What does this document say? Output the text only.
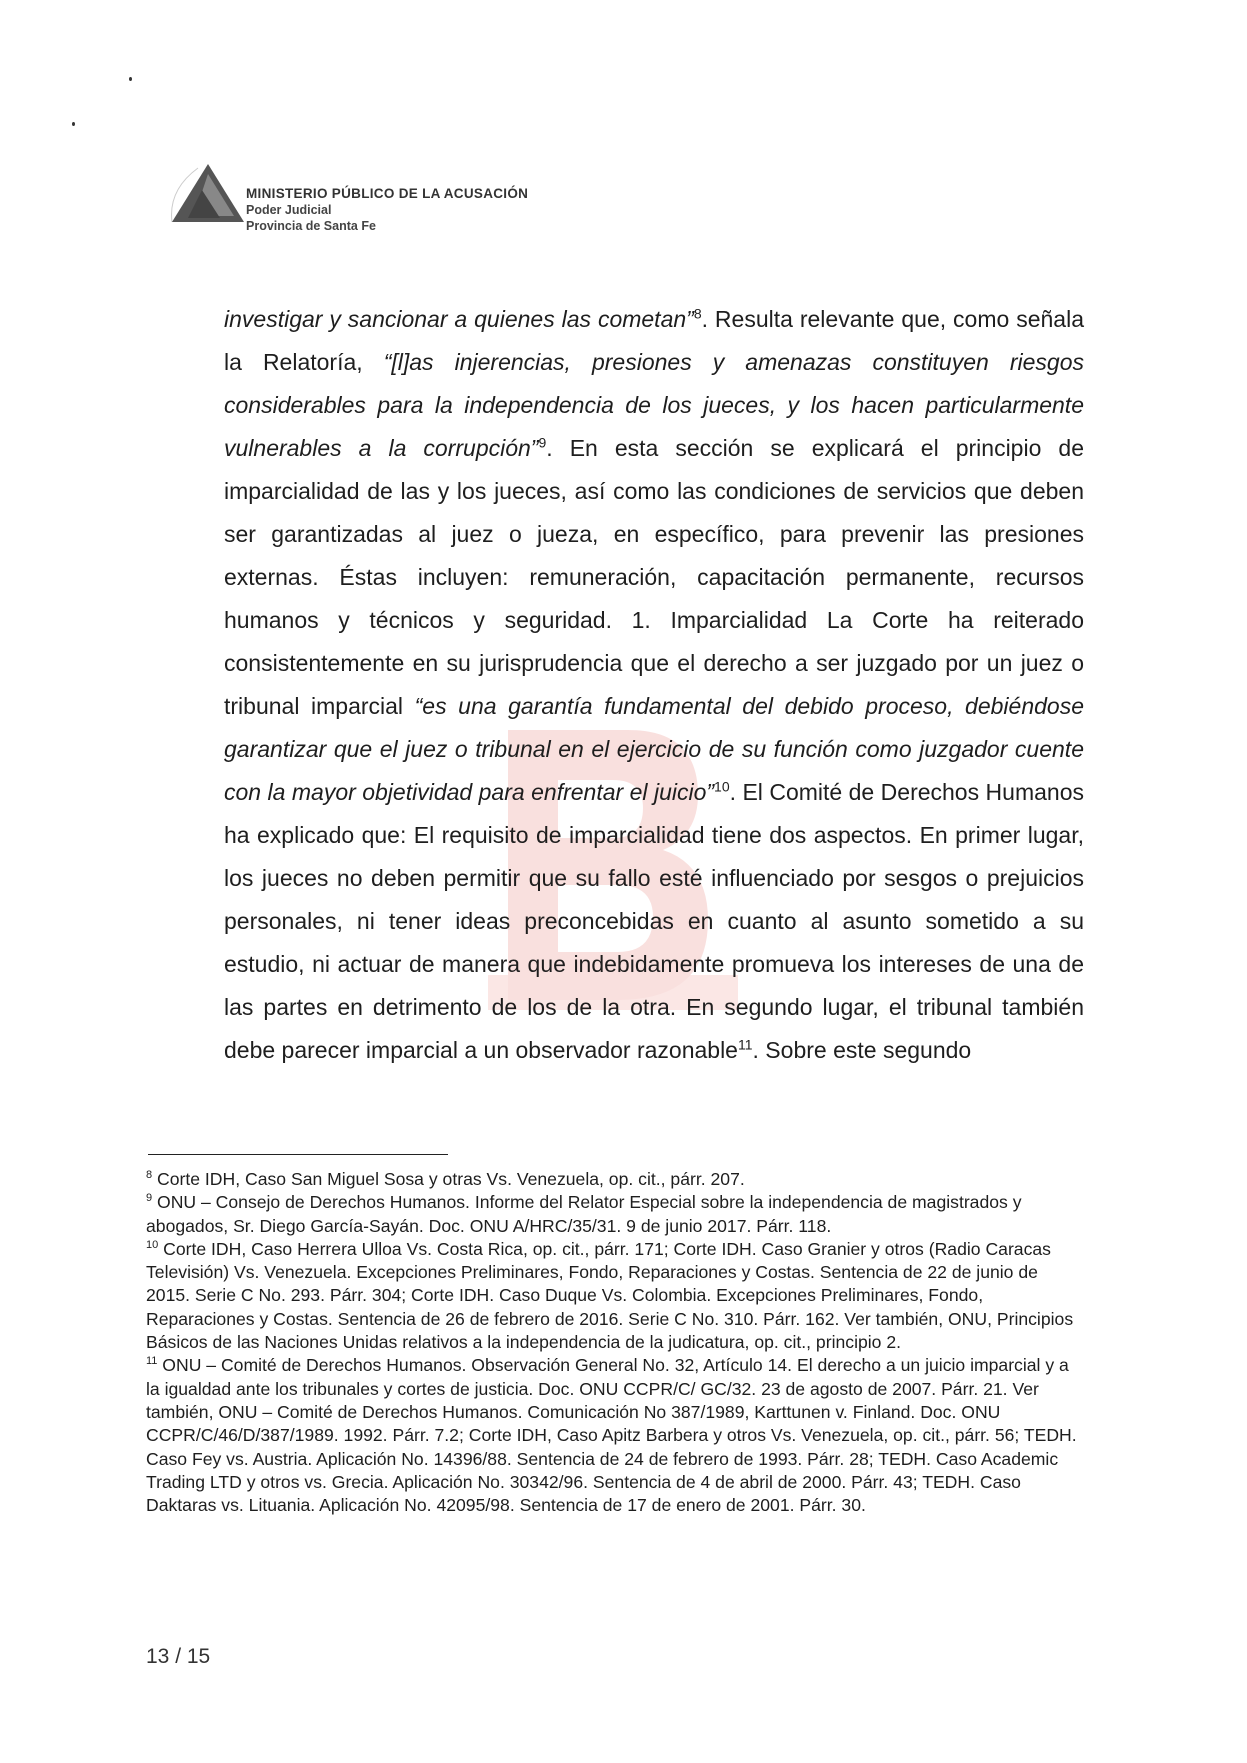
MINISTERIO PÚBLICO DE LA ACUSACIÓN
Poder Judicial
Provincia de Santa Fe
investigar y sancionar a quienes las cometan”$^8$. Resulta relevante que, como señala la Relatoría, “[l]as injerencias, presiones y amenazas constituyen riesgos considerables para la independencia de los jueces, y los hacen particularmente vulnerables a la corrupción”$^9$. En esta sección se explicará el principio de imparcialidad de las y los jueces, así como las condiciones de servicios que deben ser garantizadas al juez o jueza, en específico, para prevenir las presiones externas. Éstas incluyen: remuneración, capacitación permanente, recursos humanos y técnicos y seguridad. 1. Imparcialidad La Corte ha reiterado consistentemente en su jurisprudencia que el derecho a ser juzgado por un juez o tribunal imparcial “es una garantía fundamental del debido proceso, debiéndose garantizar que el juez o tribunal en el ejercicio de su función como juzgador cuente con la mayor objetividad para enfrentar el juicio”$^{10}$. El Comité de Derechos Humanos ha explicado que: El requisito de imparcialidad tiene dos aspectos. En primer lugar, los jueces no deben permitir que su fallo esté influenciado por sesgos o prejuicios personales, ni tener ideas preconcebidas en cuanto al asunto sometido a su estudio, ni actuar de manera que indebidamente promueva los intereses de una de las partes en detrimento de los de la otra. En segundo lugar, el tribunal también debe parecer imparcial a un observador razonable$^{11}$. Sobre este segundo

$^8$ Corte IDH, Caso San Miguel Sosa y otras Vs. Venezuela, op. cit., párr. 207.

$^9$ ONU – Consejo de Derechos Humanos. Informe del Relator Especial sobre la independencia de magistrados y abogados, Sr. Diego García-Sayán. Doc. ONU A/HRC/35/31. 9 de junio 2017. Párr. 118.

$^{10}$ Corte IDH, Caso Herrera Ulloa Vs. Costa Rica, op. cit., párr. 171; Corte IDH. Caso Granier y otros (Radio Caracas Televisión) Vs. Venezuela. Excepciones Preliminares, Fondo, Reparaciones y Costas. Sentencia de 22 de junio de 2015. Serie C No. 293. Párr. 304; Corte IDH. Caso Duque Vs. Colombia. Excepciones Preliminares, Fondo, Reparaciones y Costas. Sentencia de 26 de febrero de 2016. Serie C No. 310. Párr. 162. Ver también, ONU, Principios Básicos de las Naciones Unidas relativos a la independencia de la judicatura, op. cit., principio 2.

$^{11}$ ONU – Comité de Derechos Humanos. Observación General No. 32, Artículo 14. El derecho a un juicio imparcial y a la igualdad ante los tribunales y cortes de justicia. Doc. ONU CCPR/C/ GC/32. 23 de agosto de 2007. Párr. 21. Ver también, ONU – Comité de Derechos Humanos. Comunicación No 387/1989, Karttunen v. Finland. Doc. ONU CCPR/C/46/D/387/1989. 1992. Párr. 7.2; Corte IDH, Caso Apitz Barbera y otros Vs. Venezuela, op. cit., párr. 56; TEDH. Caso Fey vs. Austria. Aplicación No. 14396/88. Sentencia de 24 de febrero de 1993. Párr. 28; TEDH. Caso Academic Trading LTD y otros vs. Grecia. Aplicación No. 30342/96. Sentencia de 4 de abril de 2000. Párr. 43; TEDH. Caso Daktaras vs. Lituania. Aplicación No. 42095/98. Sentencia de 17 de enero de 2001. Párr. 30.

13 / 15
